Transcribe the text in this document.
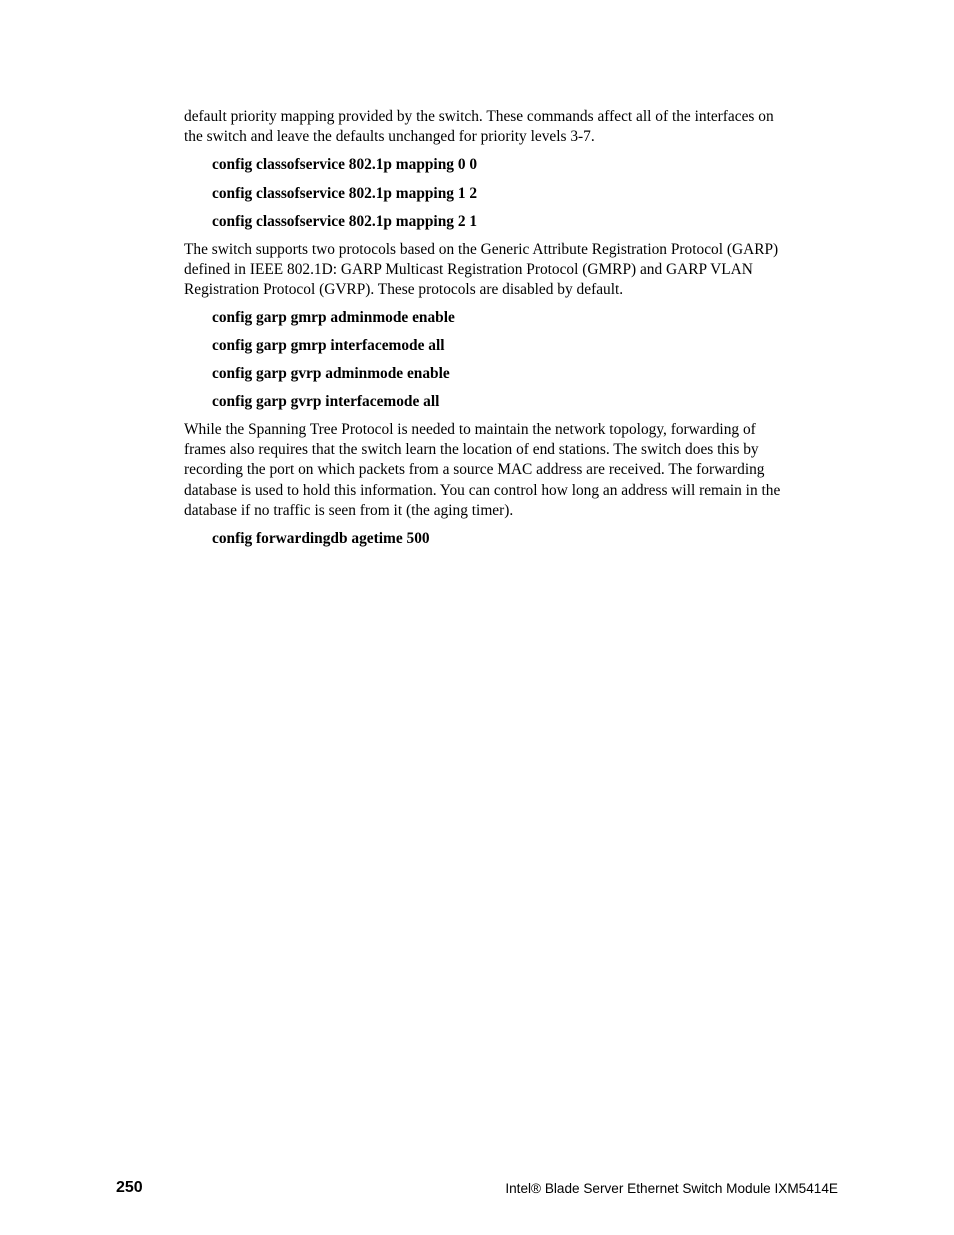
default priority mapping provided by the switch. These commands affect all of the interfaces on
the switch and leave the defaults unchanged for priority levels 3-7.

config classofservice 802.1p mapping 0 0
config classofservice 802.1p mapping 1 2
config classofservice 802.1p mapping 2 1

The switch supports two protocols based on the Generic Attribute Registration Protocol (GARP)
defined in IEEE 802.1D: GARP Multicast Registration Protocol (GMRP) and GARP VLAN
Registration Protocol (GVRP). These protocols are disabled by default.

config garp gmrp adminmode enable
config garp gmrp interfacemode all
config garp gvrp adminmode enable
config garp gvrp interfacemode all

While the Spanning Tree Protocol is needed to maintain the network topology, forwarding of
frames also requires that the switch learn the location of end stations. The switch does this by
recording the port on which packets from a source MAC address are received. The forwarding
database is used to hold this information. You can control how long an address will remain in the
database if no traffic is seen from it (the aging timer).

config forwardingdb agetime 500
250	Intel® Blade Server Ethernet Switch Module IXM5414E
